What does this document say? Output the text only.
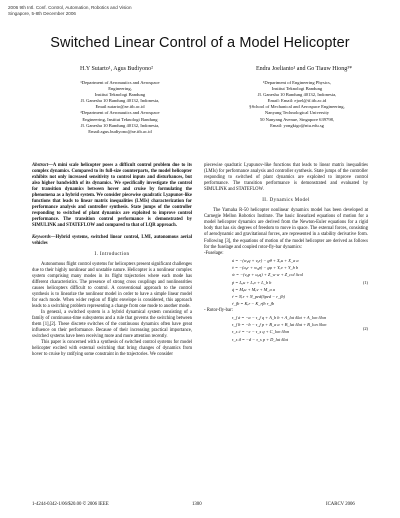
2006 9th Intl. Conf. Control, Automation, Robotics and Vision
Singapore, 5-8th December 2006
Switched Linear Control of a Model Helicopter
H.Y Sutarto¹, Agus Budiyono²	Endra Joelianto¹ and Go Tiauw Hiong³*
¹Department of Aeronautics and Aerospace
Engineering,
Institut Teknologi Bandung
Jl. Ganesha 10 Bandung 40132, Indonesia,
Email:sutarto@ae.itb.ac.id
²Department of Aeronautics and Aerospace
Engineering, Institut Teknologi Bandung
Jl. Ganesha 10 Bandung 40132, Indonesia,
Email:agus.budiyono@ae.itb.ac.id
¹Department of Engineering Physics,
Institut Teknologi Bandung
Jl. Ganesha 10 Bandung 40132, Indonesia,
Email: Email: ejoel@tf.itb.ac.id
§School of Mechanical and Aerospace Engineering,
Nanyang Technological University
50 Nanyang Avenue, Singapore 639798,
Email: yongkigo@ntu.edu.sg

Abstract—A mini scale helicopter poses a difficult control problem due to its complex dynamics. Compared to its full-size counterparts, the model helicopter exhibits not only increased sensitivity to control inputs and disturbances, but also higher bandwidth of its dynamics. We specifically investigate the control for transition dynamics between hover and cruise by formulating the phenomena as a hybrid system. We consider piecewise quadratic Lyapunov-like functions that leads to linear matrix inequalities (LMIs) characterization for performance analysis and controller synthesis. State jumps of the controller responding to switched of plant dynamics are exploited to improve control performance. The transition control performance is demonstrated by SIMULINK and STATEFLOW and compared to that of LQR approach.

Keywords—Hybrid systems, switched linear control, LMI, autonomous aerial vehicles

I. Introduction

Autonomous flight control systems for helicopters present significant challenges due to their highly nonlinear and unstable nature. Helicopter is a nonlinear complex system comprising many modes in its flight trajectories where each mode has different characteristics. The presence of strong cross couplings and nonlinearities causes helicopters difficult to control. A conventional approach to the control synthesis is to linearize the nonlinear model in order to have a simple linear model for each mode. When wider region of flight envelope is considered, this approach leads to a switching problem representing a change from one mode to another mode.

In general, a switched system is a hybrid dynamical system consisting of a family of continuous-time subsystems and a rule that governs the switching between them [1],[2]. These discrete switches of the continuous dynamics often have great influence on their performance. Because of their increasing practical importance, switched systems have been receiving more and more attention recently.

This paper is concerned with a synthesis of switched control systems for model helicopter excited with external switching that bring changes of dynamics from hover to cruise by ratifying some constraint in the trajectories. We consider

piecewise quadratic Lyapunov-like functions that leads to linear matrix inequalities (LMIs) for performance analysis and controller synthesis. State jumps of the controller responding to switched of plant dynamics are exploited to improve control performance. The transition performance is demonstrated and evaluated by SIMULINK and STATEFLOW.

II. Dynamics Model

The Yamaha R-50 helicopter nonlinear dynamics model has been developed at Carnegie Mellon Robotics Institute. The basic linearized equations of motion for a model helicopter dynamics are derived from the Newton-Euler equations for a rigid body that has six degrees of freedom to move in space. The external forces, consisting of aerodynamic and gravitational forces, are represented in a stability derivative form. Following [3], the equations of motion of the model helicopter are derived as follows for the fuselage and coupled rotor-fly-bar dynamics:

-Fuselage:

u̇ = −(w₀q + v₀r) − gθ + Xᵤu + X_a a
v̇ = −(u₀r + w₀p) − gφ + Yᵥv + Y_b b
ẇ = −(v₀p + u₀q) + Z_w w + Z_col δcol
ṗ = Lᵤu + Lᵥv + L_b b
q̇ = Mᵤu + Mᵥv + M_a a
ṙ = Nᵣr + N_ped(δped − r_fb)
ṙ_fb = Kᵣr − K_rfb r_fb
(1)

- Rotor-fly-bar:

τ_f ȧ = −a − τ_f q + A_b b + A_lat δlat + A_lon δlon
τ_f ḃ = −b − τ_f p + B_a a + B_lat δlat + B_lon δlon
τ_s ċ = −c − τ_s q + C_lon δlon
τ_s ḋ = −d − τ_s p + D_lat δlat
(2)
1-4244-0342-1/06/$20.00 © 2006 IEEE	1300	ICARCV 2006
